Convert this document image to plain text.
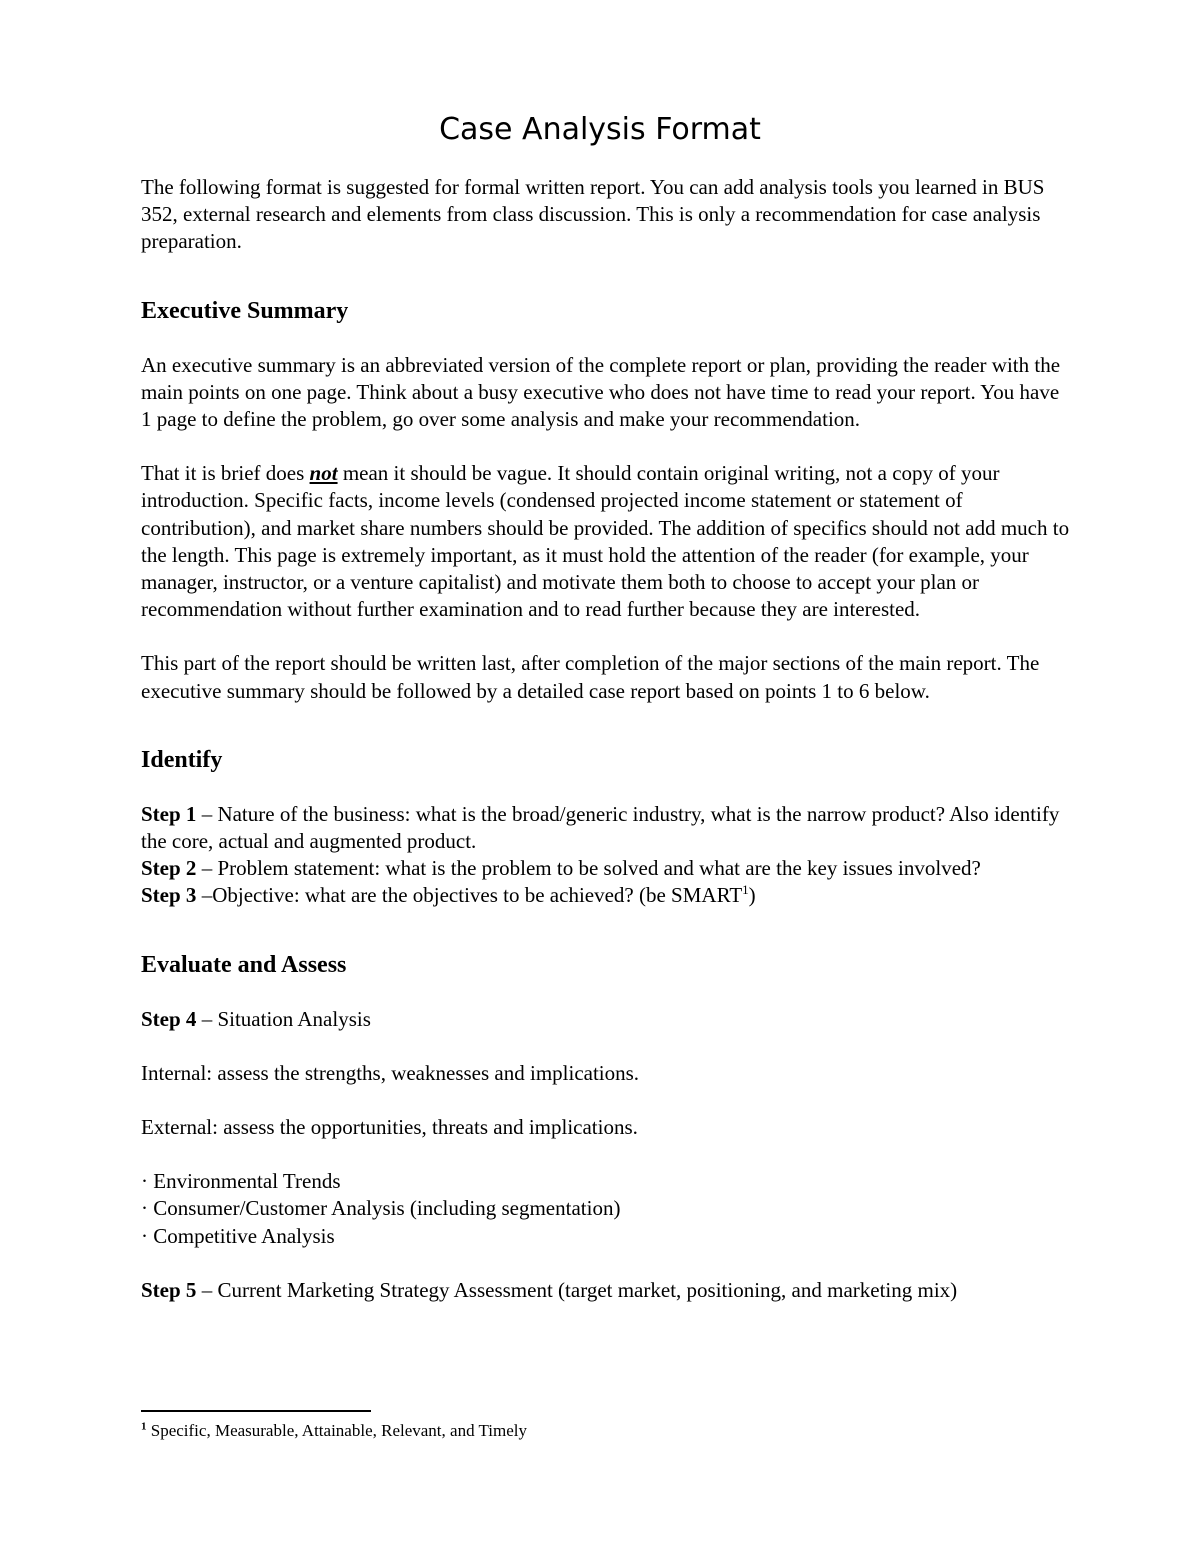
Case Analysis Format

The following format is suggested for formal written report. You can add analysis tools you learned in BUS 352, external research and elements from class discussion. This is only a recommendation for case analysis preparation.

Executive Summary

An executive summary is an abbreviated version of the complete report or plan, providing the reader with the main points on one page. Think about a busy executive who does not have time to read your report. You have 1 page to define the problem, go over some analysis and make your recommendation.

That it is brief does not mean it should be vague. It should contain original writing, not a copy of your introduction. Specific facts, income levels (condensed projected income statement or statement of contribution), and market share numbers should be provided. The addition of specifics should not add much to the length. This page is extremely important, as it must hold the attention of the reader (for example, your manager, instructor, or a venture capitalist) and motivate them both to choose to accept your plan or recommendation without further examination and to read further because they are interested.

This part of the report should be written last, after completion of the major sections of the main report. The executive summary should be followed by a detailed case report based on points 1 to 6 below.

Identify

Step 1 – Nature of the business: what is the broad/generic industry, what is the narrow product? Also identify the core, actual and augmented product.

Step 2 – Problem statement: what is the problem to be solved and what are the key issues involved?

Step 3 –Objective: what are the objectives to be achieved? (be SMART$^1$)

Evaluate and Assess

Step 4 – Situation Analysis

Internal: assess the strengths, weaknesses and implications.

External: assess the opportunities, threats and implications.

· Environmental Trends

· Consumer/Customer Analysis (including segmentation)

· Competitive Analysis

Step 5 – Current Marketing Strategy Assessment (target market, positioning, and marketing mix)

$^1$ Specific, Measurable, Attainable, Relevant, and Timely
